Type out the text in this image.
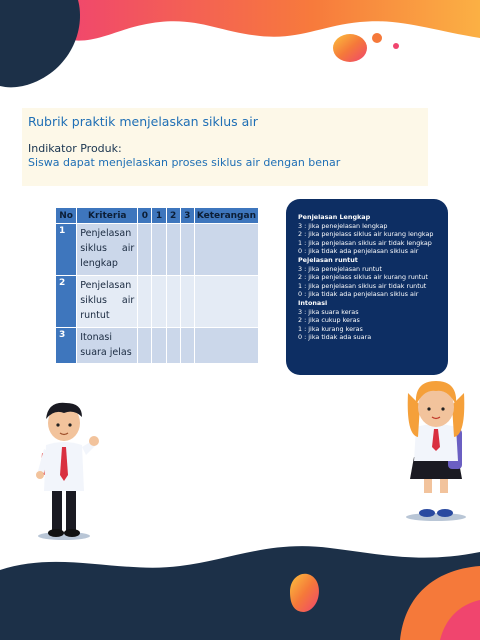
Rubrik praktik menjelaskan siklus air
Indikator Produk:
Siswa dapat menjelaskan proses siklus air dengan benar
No	Kriteria	0	1	2	3	Keterangan
1	Penjelasan
siklus air
lengkap					
2	Penjelasan
siklus air
runtut					
3	Itonasi
suara jelas					
Penjelasan Lengkap
3 : jika penejelasan lengkap
2 : jika penjelass siklus air kurang lengkap
1 : jika penjelasan siklus air tidak lengkap
0 : jika tidak ada penjelasan siklus air
Pejelasan runtut
3 : jika penejelasan runtut
2 : jika penjelass siklus air kurang runtut
1 : jika penjelasan siklus air tidak runtut
0 : jika tidak ada penjelasan siklus air
Intonasi
3 : jika suara keras
2 : jika cukup keras
1 : jika kurang keras
0 : jika tidak ada suara
